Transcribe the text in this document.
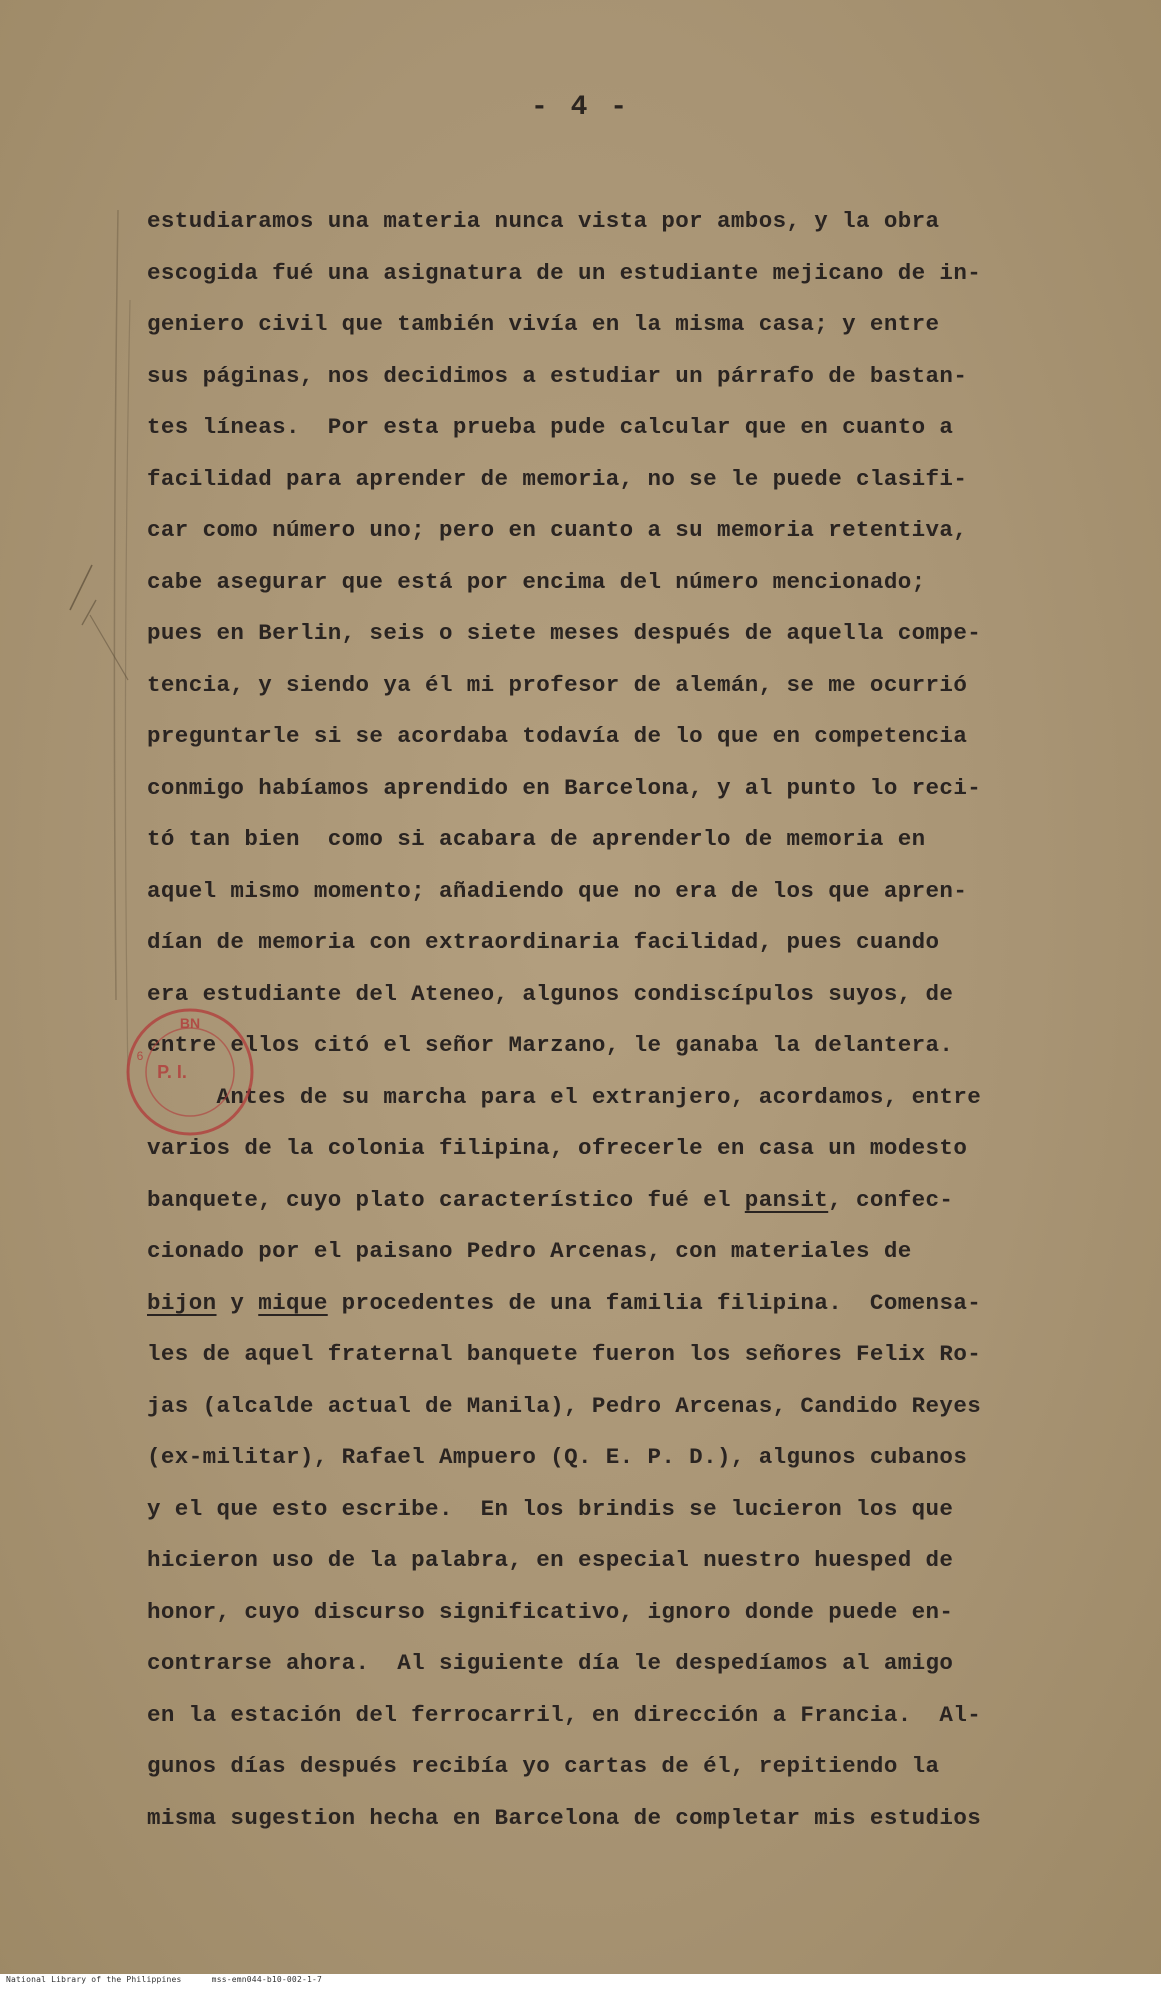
- 4 -
estudiaramos una materia nunca vista por ambos, y la obra
escogida fué una asignatura de un estudiante mejicano de in-
geniero civil que también vivía en la misma casa; y entre
sus páginas, nos decidimos a estudiar un párrafo de bastan-
tes líneas.  Por esta prueba pude calcular que en cuanto a
facilidad para aprender de memoria, no se le puede clasifi-
car como número uno; pero en cuanto a su memoria retentiva,
cabe asegurar que está por encima del número mencionado;
pues en Berlin, seis o siete meses después de aquella compe-
tencia, y siendo ya él mi profesor de alemán, se me ocurrió
preguntarle si se acordaba todavía de lo que en competencia
conmigo habíamos aprendido en Barcelona, y al punto lo reci-
tó tan bien  como si acabara de aprenderlo de memoria en
aquel mismo momento; añadiendo que no era de los que apren-
dían de memoria con extraordinaria facilidad, pues cuando
era estudiante del Ateneo, algunos condiscípulos suyos, de
entre ellos citó el señor Marzano, le ganaba la delantera.
Antes de su marcha para el extranjero, acordamos, entre
varios de la colonia filipina, ofrecerle en casa un modesto
banquete, cuyo plato característico fué el pansit, confec-
cionado por el paisano Pedro Arcenas, con materiales de
bijon y mique procedentes de una familia filipina.  Comensa-
les de aquel fraternal banquete fueron los señores Felix Ro-
jas (alcalde actual de Manila), Pedro Arcenas, Candido Reyes
(ex-militar), Rafael Ampuero (Q. E. P. D.), algunos cubanos
y el que esto escribe.  En los brindis se lucieron los que
hicieron uso de la palabra, en especial nuestro huesped de
honor, cuyo discurso significativo, ignoro donde puede en-
contrarse ahora.  Al siguiente día le despedíamos al amigo
en la estación del ferrocarril, en dirección a Francia.  Al-
gunos días después recibía yo cartas de él, repitiendo la
misma sugestion hecha en Barcelona de completar mis estudios
BN
P. I.
6
National Library of the Philippines      mss-emn044-b10-002-1-7
